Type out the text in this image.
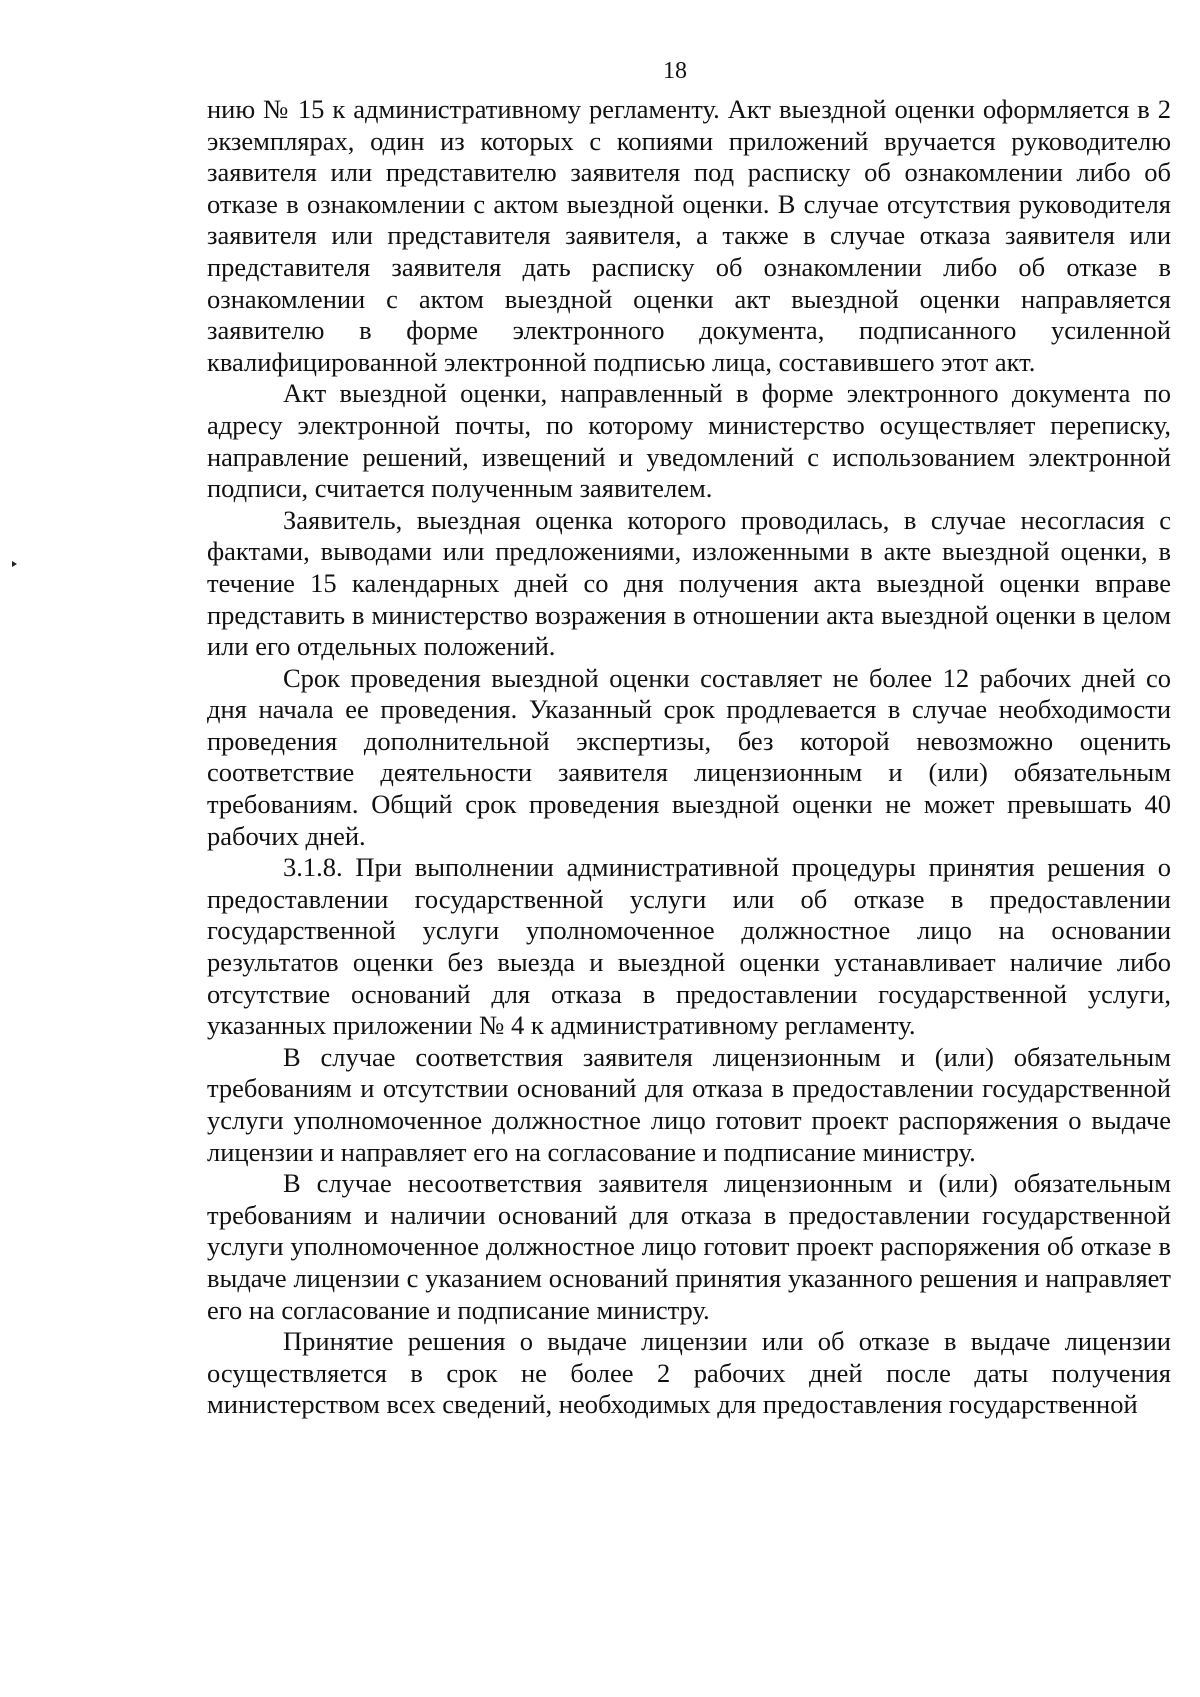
18

нию № 15 к административному регламенту. Акт выездной оценки оформляется в 2 экземплярах, один из которых с копиями приложений вручается руководителю заявителя или представителю заявителя под расписку об ознакомлении либо об отказе в ознакомлении с актом выездной оценки. В случае отсутствия руководителя заявителя или представителя заявителя, а также в случае отказа заявителя или представителя заявителя дать расписку об ознакомлении либо об отказе в ознакомлении с актом выездной оценки акт выездной оценки направляется заявителю в форме электронного документа, подписанного усиленной квалифицированной электронной подписью лица, составившего этот акт.

Акт выездной оценки, направленный в форме электронного документа по адресу электронной почты, по которому министерство осуществляет переписку, направление решений, извещений и уведомлений с использованием электронной подписи, считается полученным заявителем.

Заявитель, выездная оценка которого проводилась, в случае несогласия с фактами, выводами или предложениями, изложенными в акте выездной оценки, в течение 15 календарных дней со дня получения акта выездной оценки вправе представить в министерство возражения в отношении акта выездной оценки в целом или его отдельных положений.

Срок проведения выездной оценки составляет не более 12 рабочих дней со дня начала ее проведения. Указанный срок продлевается в случае необходимости проведения дополнительной экспертизы, без которой невозможно оценить соответствие деятельности заявителя лицензионным и (или) обязательным требованиям. Общий срок проведения выездной оценки не может превышать 40 рабочих дней.

3.1.8. При выполнении административной процедуры принятия решения о предоставлении государственной услуги или об отказе в предоставлении государственной услуги уполномоченное должностное лицо на основании результатов оценки без выезда и выездной оценки устанавливает наличие либо отсутствие оснований для отказа в предоставлении государственной услуги, указанных приложении № 4 к административному регламенту.

В случае соответствия заявителя лицензионным и (или) обязательным требованиям и отсутствии оснований для отказа в предоставлении государственной услуги уполномоченное должностное лицо готовит проект распоряжения о выдаче лицензии и направляет его на согласование и подписание министру.

В случае несоответствия заявителя лицензионным и (или) обязательным требованиям и наличии оснований для отказа в предоставлении государственной услуги уполномоченное должностное лицо готовит проект распоряжения об отказе в выдаче лицензии с указанием оснований принятия указанного решения и направляет его на согласование и подписание министру.

Принятие решения о выдаче лицензии или об отказе в выдаче лицензии осуществляется в срок не более 2 рабочих дней после даты получения министерством всех сведений, необходимых для предоставления государственной
